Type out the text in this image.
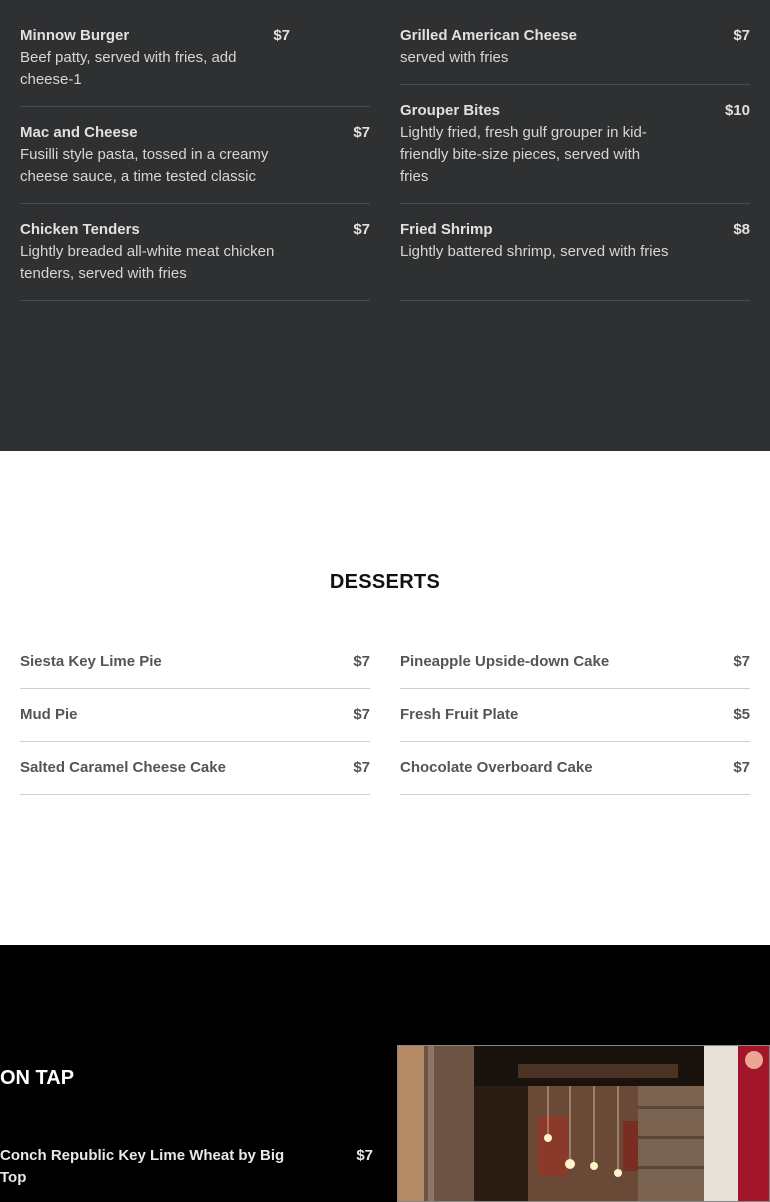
Minnow Burger
Beef patty, served with fries, add cheese-1
$7
Mac and Cheese
Fusilli style pasta, tossed in a creamy cheese sauce, a time tested classic
$7
Chicken Tenders
Lightly breaded all-white meat chicken tenders, served with fries
$7
Grilled American Cheese
served with fries
$7
Grouper Bites
Lightly fried, fresh gulf grouper in kid-friendly bite-size pieces, served with fries
$10
Fried Shrimp
Lightly battered shrimp, served with fries
$8
DESSERTS
Siesta Key Lime Pie	$7
Mud Pie	$7
Salted Caramel Cheese Cake	$7
Pineapple Upside-down Cake	$7
Fresh Fruit Plate	$5
Chocolate Overboard Cake	$7
ON TAP
Conch Republic Key Lime Wheat by Big Top
$7
